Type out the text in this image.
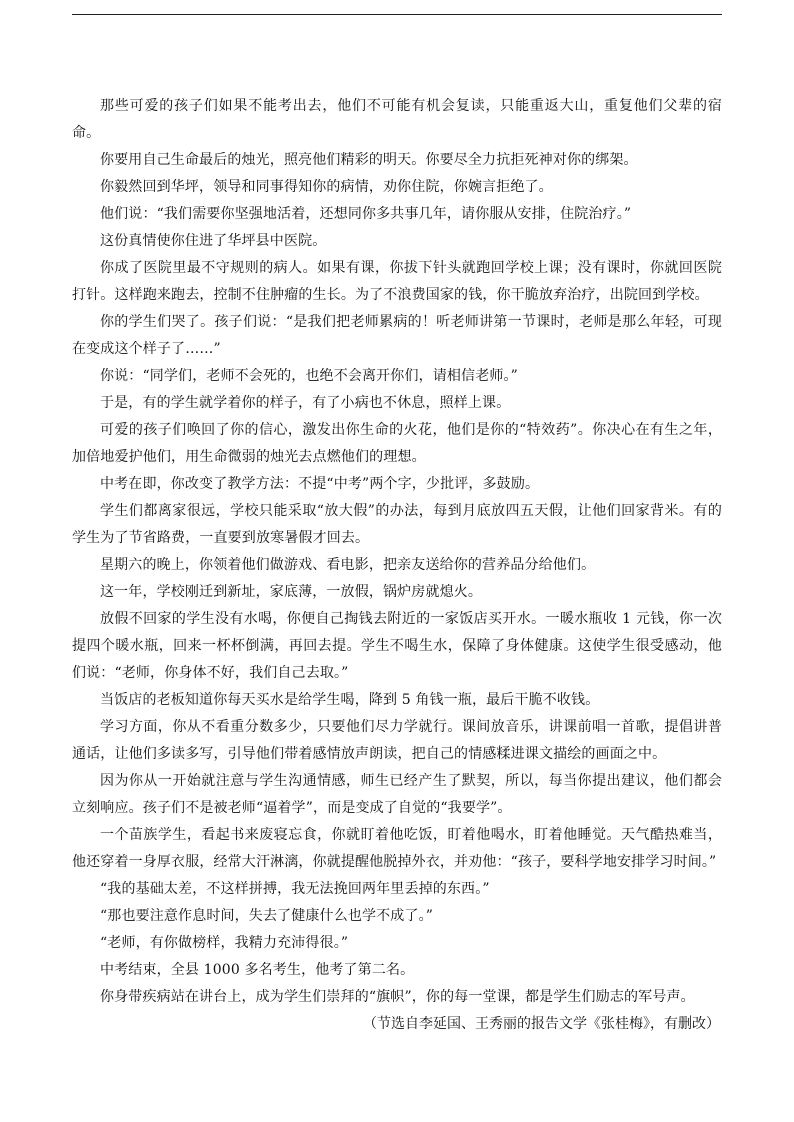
那些可爱的孩子们如果不能考出去，他们不可能有机会复读，只能重返大山，重复他们父辈的宿命。

你要用自己生命最后的烛光，照亮他们精彩的明天。你要尽全力抗拒死神对你的绑架。

你毅然回到华坪，领导和同事得知你的病情，劝你住院，你婉言拒绝了。

他们说：“我们需要你坚强地活着，还想同你多共事几年，请你服从安排，住院治疗。”

这份真情使你住进了华坪县中医院。

你成了医院里最不守规则的病人。如果有课，你拔下针头就跑回学校上课；没有课时，你就回医院打针。这样跑来跑去，控制不住肿瘤的生长。为了不浪费国家的钱，你干脆放弃治疗，出院回到学校。

你的学生们哭了。孩子们说：“是我们把老师累病的！听老师讲第一节课时，老师是那么年轻，可现在变成这个样子了……”

你说：“同学们，老师不会死的，也绝不会离开你们，请相信老师。”

于是，有的学生就学着你的样子，有了小病也不休息，照样上课。

可爱的孩子们唤回了你的信心，激发出你生命的火花，他们是你的“特效药”。你决心在有生之年，加倍地爱护他们，用生命微弱的烛光去点燃他们的理想。

中考在即，你改变了教学方法：不提“中考”两个字，少批评，多鼓励。

学生们都离家很远，学校只能采取“放大假”的办法，每到月底放四五天假，让他们回家背米。有的学生为了节省路费，一直要到放寒暑假才回去。

星期六的晚上，你领着他们做游戏、看电影，把亲友送给你的营养品分给他们。

这一年，学校刚迁到新址，家底薄，一放假，锅炉房就熄火。

放假不回家的学生没有水喝，你便自己掏钱去附近的一家饭店买开水。一暖水瓶收 1 元钱，你一次提四个暖水瓶，回来一杯杯倒满，再回去提。学生不喝生水，保障了身体健康。这使学生很受感动，他们说：“老师，你身体不好，我们自己去取。”

当饭店的老板知道你每天买水是给学生喝，降到 5 角钱一瓶，最后干脆不收钱。

学习方面，你从不看重分数多少，只要他们尽力学就行。课间放音乐，讲课前唱一首歌，提倡讲普通话，让他们多读多写，引导他们带着感情放声朗读，把自己的情感糅进课文描绘的画面之中。

因为你从一开始就注意与学生沟通情感，师生已经产生了默契，所以，每当你提出建议，他们都会立刻响应。孩子们不是被老师“逼着学”，而是变成了自觉的“我要学”。

一个苗族学生，看起书来废寝忘食，你就盯着他吃饭，盯着他喝水，盯着他睡觉。天气酷热难当，他还穿着一身厚衣服，经常大汗淋漓，你就提醒他脱掉外衣，并劝他：“孩子，要科学地安排学习时间。”

“我的基础太差，不这样拼搏，我无法挽回两年里丢掉的东西。”

“那也要注意作息时间，失去了健康什么也学不成了。”

“老师，有你做榜样，我精力充沛得很。”

中考结束，全县 1000 多名考生，他考了第二名。

你身带疾病站在讲台上，成为学生们崇拜的“旗帜”，你的每一堂课，都是学生们励志的军号声。

（节选自李延国、王秀丽的报告文学《张桂梅》，有删改）
